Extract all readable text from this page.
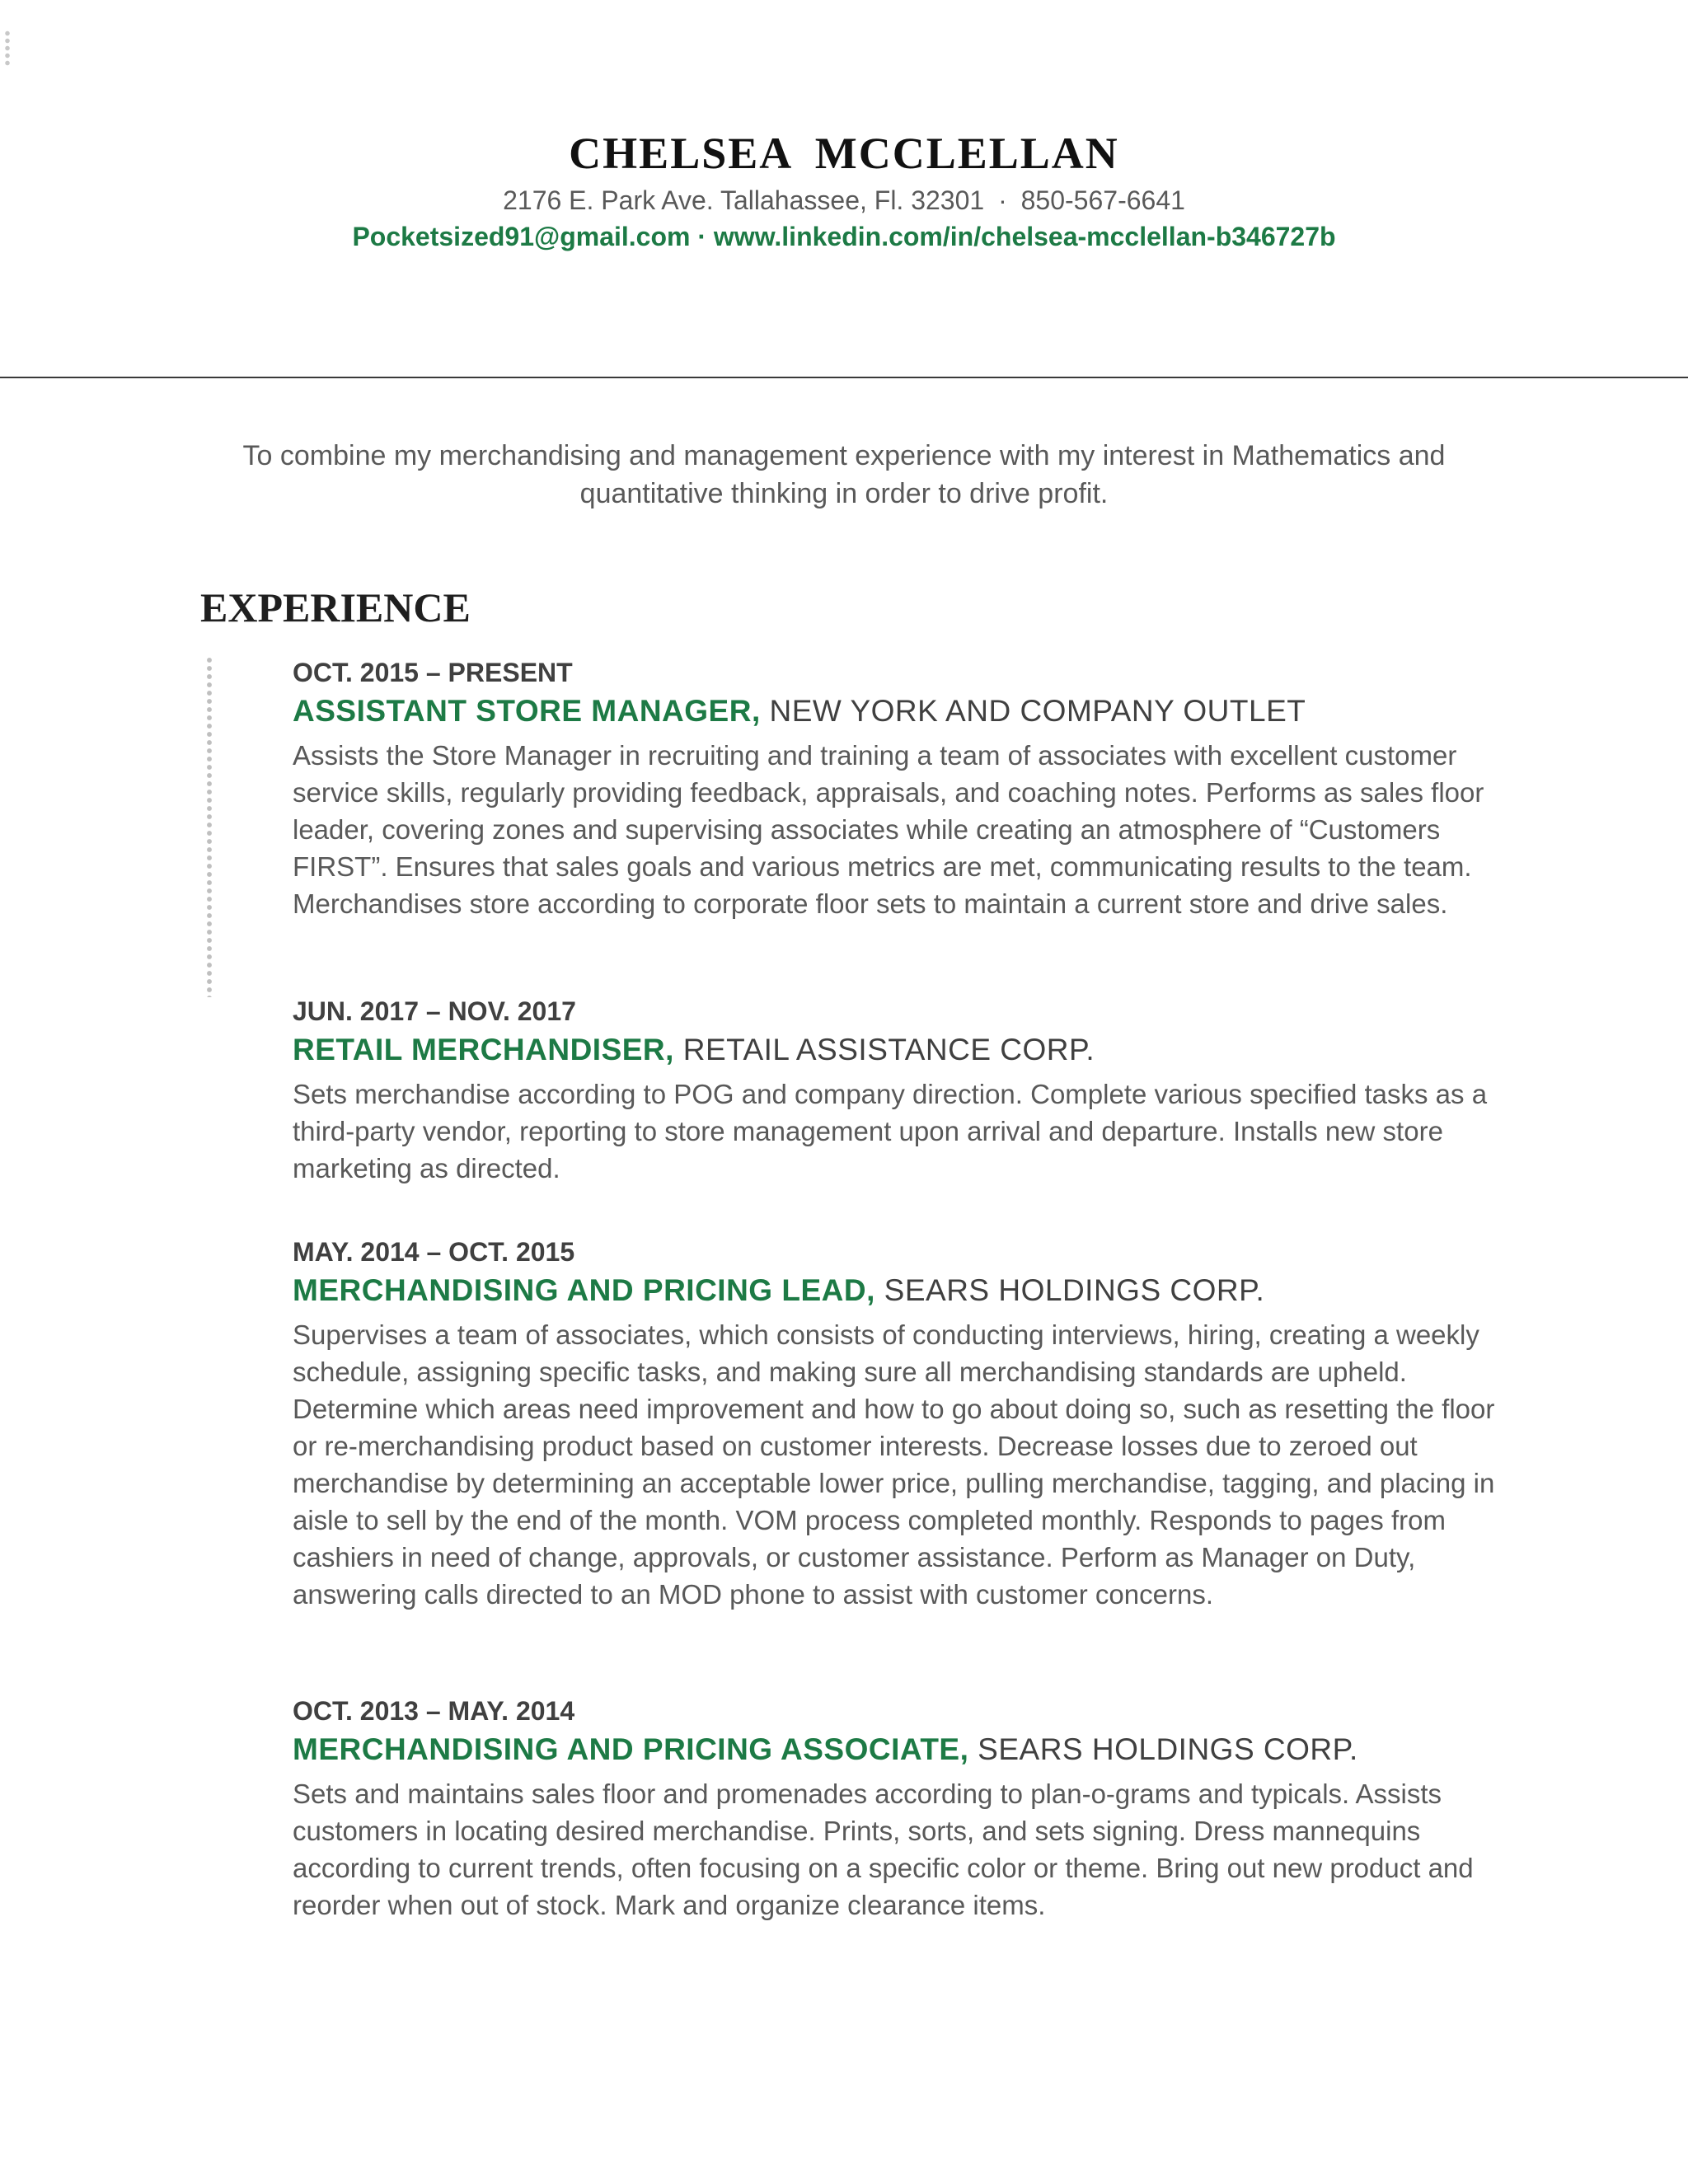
CHELSEA MCCLELLAN
2176 E. Park Ave. Tallahassee, Fl. 32301 · 850-567-6641
Pocketsized91@gmail.com · www.linkedin.com/in/chelsea-mcclellan-b346727b
To combine my merchandising and management experience with my interest in Mathematics and quantitative thinking in order to drive profit.
EXPERIENCE
OCT. 2015 – PRESENT
ASSISTANT STORE MANAGER, NEW YORK AND COMPANY OUTLET
Assists the Store Manager in recruiting and training a team of associates with excellent customer service skills, regularly providing feedback, appraisals, and coaching notes. Performs as sales floor leader, covering zones and supervising associates while creating an atmosphere of “Customers FIRST”. Ensures that sales goals and various metrics are met, communicating results to the team. Merchandises store according to corporate floor sets to maintain a current store and drive sales.
JUN. 2017 – NOV. 2017
RETAIL MERCHANDISER, RETAIL ASSISTANCE CORP.
Sets merchandise according to POG and company direction. Complete various specified tasks as a third-party vendor, reporting to store management upon arrival and departure. Installs new store marketing as directed.
MAY. 2014 – OCT. 2015
MERCHANDISING AND PRICING LEAD, SEARS HOLDINGS CORP.
Supervises a team of associates, which consists of conducting interviews, hiring, creating a weekly schedule, assigning specific tasks, and making sure all merchandising standards are upheld. Determine which areas need improvement and how to go about doing so, such as resetting the floor or re-merchandising product based on customer interests. Decrease losses due to zeroed out merchandise by determining an acceptable lower price, pulling merchandise, tagging, and placing in aisle to sell by the end of the month. VOM process completed monthly. Responds to pages from cashiers in need of change, approvals, or customer assistance. Perform as Manager on Duty, answering calls directed to an MOD phone to assist with customer concerns.
OCT. 2013 – MAY. 2014
MERCHANDISING AND PRICING ASSOCIATE, SEARS HOLDINGS CORP.
Sets and maintains sales floor and promenades according to plan-o-grams and typicals. Assists customers in locating desired merchandise. Prints, sorts, and sets signing. Dress mannequins according to current trends, often focusing on a specific color or theme. Bring out new product and reorder when out of stock. Mark and organize clearance items.
